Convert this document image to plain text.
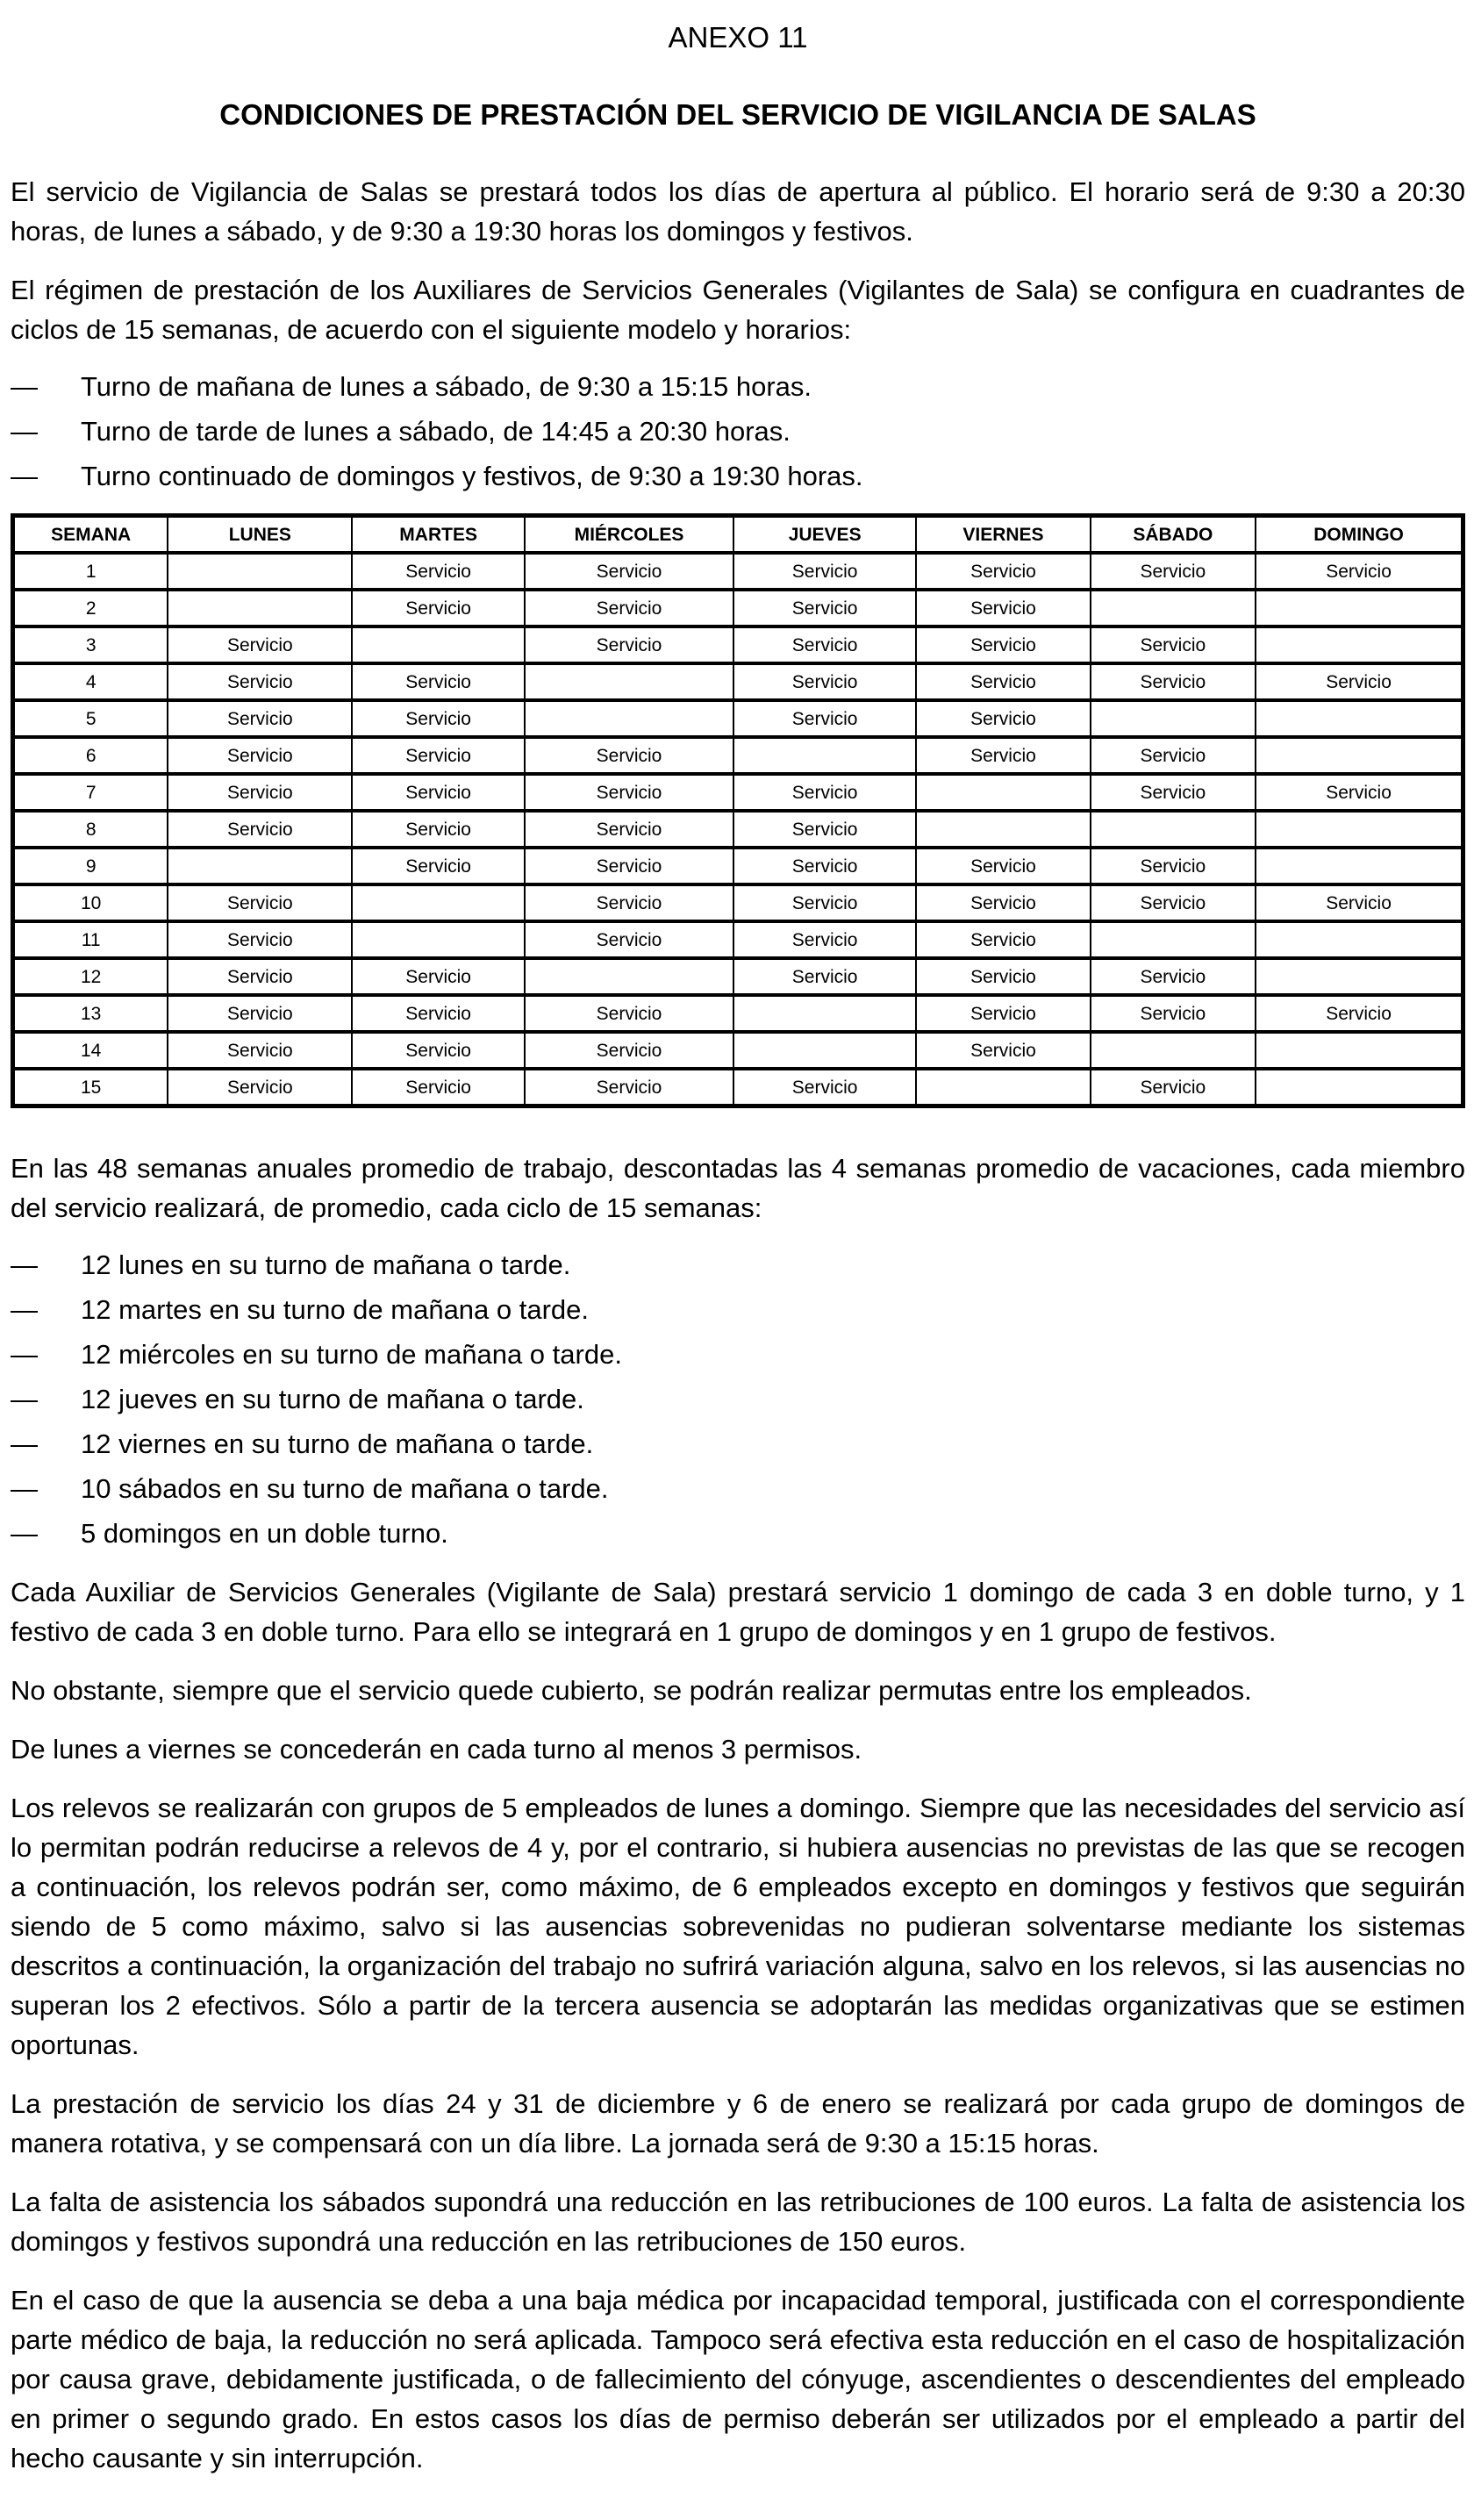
ANEXO 11
CONDICIONES DE PRESTACIÓN DEL SERVICIO DE VIGILANCIA DE SALAS

El servicio de Vigilancia de Salas se prestará todos los días de apertura al público. El horario será de 9:30 a 20:30 horas, de lunes a sábado, y de 9:30 a 19:30 horas los domingos y festivos.

El régimen de prestación de los Auxiliares de Servicios Generales (Vigilantes de Sala) se configura en cuadrantes de ciclos de 15 semanas, de acuerdo con el siguiente modelo y horarios:

—	Turno de mañana de lunes a sábado, de 9:30 a 15:15 horas.
—	Turno de tarde de lunes a sábado, de 14:45 a 20:30 horas.
—	Turno continuado de domingos y festivos, de 9:30 a 19:30 horas.
SEMANA	LUNES	MARTES	MIÉRCOLES	JUEVES	VIERNES	SÁBADO	DOMINGO
1		Servicio	Servicio	Servicio	Servicio	Servicio	Servicio
2		Servicio	Servicio	Servicio	Servicio		
3	Servicio		Servicio	Servicio	Servicio	Servicio	
4	Servicio	Servicio		Servicio	Servicio	Servicio	Servicio
5	Servicio	Servicio		Servicio	Servicio		
6	Servicio	Servicio	Servicio		Servicio	Servicio	
7	Servicio	Servicio	Servicio	Servicio		Servicio	Servicio
8	Servicio	Servicio	Servicio	Servicio			
9		Servicio	Servicio	Servicio	Servicio	Servicio	
10	Servicio		Servicio	Servicio	Servicio	Servicio	Servicio
11	Servicio		Servicio	Servicio	Servicio		
12	Servicio	Servicio		Servicio	Servicio	Servicio	
13	Servicio	Servicio	Servicio		Servicio	Servicio	Servicio
14	Servicio	Servicio	Servicio		Servicio		
15	Servicio	Servicio	Servicio	Servicio		Servicio	

En las 48 semanas anuales promedio de trabajo, descontadas las 4 semanas promedio de vacaciones, cada miembro del servicio realizará, de promedio, cada ciclo de 15 semanas:

—	12 lunes en su turno de mañana o tarde.
—	12 martes en su turno de mañana o tarde.
—	12 miércoles en su turno de mañana o tarde.
—	12 jueves en su turno de mañana o tarde.
—	12 viernes en su turno de mañana o tarde.
—	10 sábados en su turno de mañana o tarde.
—	5 domingos en un doble turno.

Cada Auxiliar de Servicios Generales (Vigilante de Sala) prestará servicio 1 domingo de cada 3 en doble turno, y 1 festivo de cada 3 en doble turno. Para ello se integrará en 1 grupo de domingos y en 1 grupo de festivos.

No obstante, siempre que el servicio quede cubierto, se podrán realizar permutas entre los empleados.

De lunes a viernes se concederán en cada turno al menos 3 permisos.

Los relevos se realizarán con grupos de 5 empleados de lunes a domingo. Siempre que las necesidades del servicio así lo permitan podrán reducirse a relevos de 4 y, por el contrario, si hubiera ausencias no previstas de las que se recogen a continuación, los relevos podrán ser, como máximo, de 6 empleados excepto en domingos y festivos que seguirán siendo de 5 como máximo, salvo si las ausencias sobrevenidas no pudieran solventarse mediante los sistemas descritos a continuación, la organización del trabajo no sufrirá variación alguna, salvo en los relevos, si las ausencias no superan los 2 efectivos. Sólo a partir de la tercera ausencia se adoptarán las medidas organizativas que se estimen oportunas.

La prestación de servicio los días 24 y 31 de diciembre y 6 de enero se realizará por cada grupo de domingos de manera rotativa, y se compensará con un día libre. La jornada será de 9:30 a 15:15 horas.

La falta de asistencia los sábados supondrá una reducción en las retribuciones de 100 euros. La falta de asistencia los domingos y festivos supondrá una reducción en las retribuciones de 150 euros.

En el caso de que la ausencia se deba a una baja médica por incapacidad temporal, justificada con el correspondiente parte médico de baja, la reducción no será aplicada. Tampoco será efectiva esta reducción en el caso de hospitalización por causa grave, debidamente justificada, o de fallecimiento del cónyuge, ascendientes o descendientes del empleado en primer o segundo grado. En estos casos los días de permiso deberán ser utilizados por el empleado a partir del hecho causante y sin interrupción.
